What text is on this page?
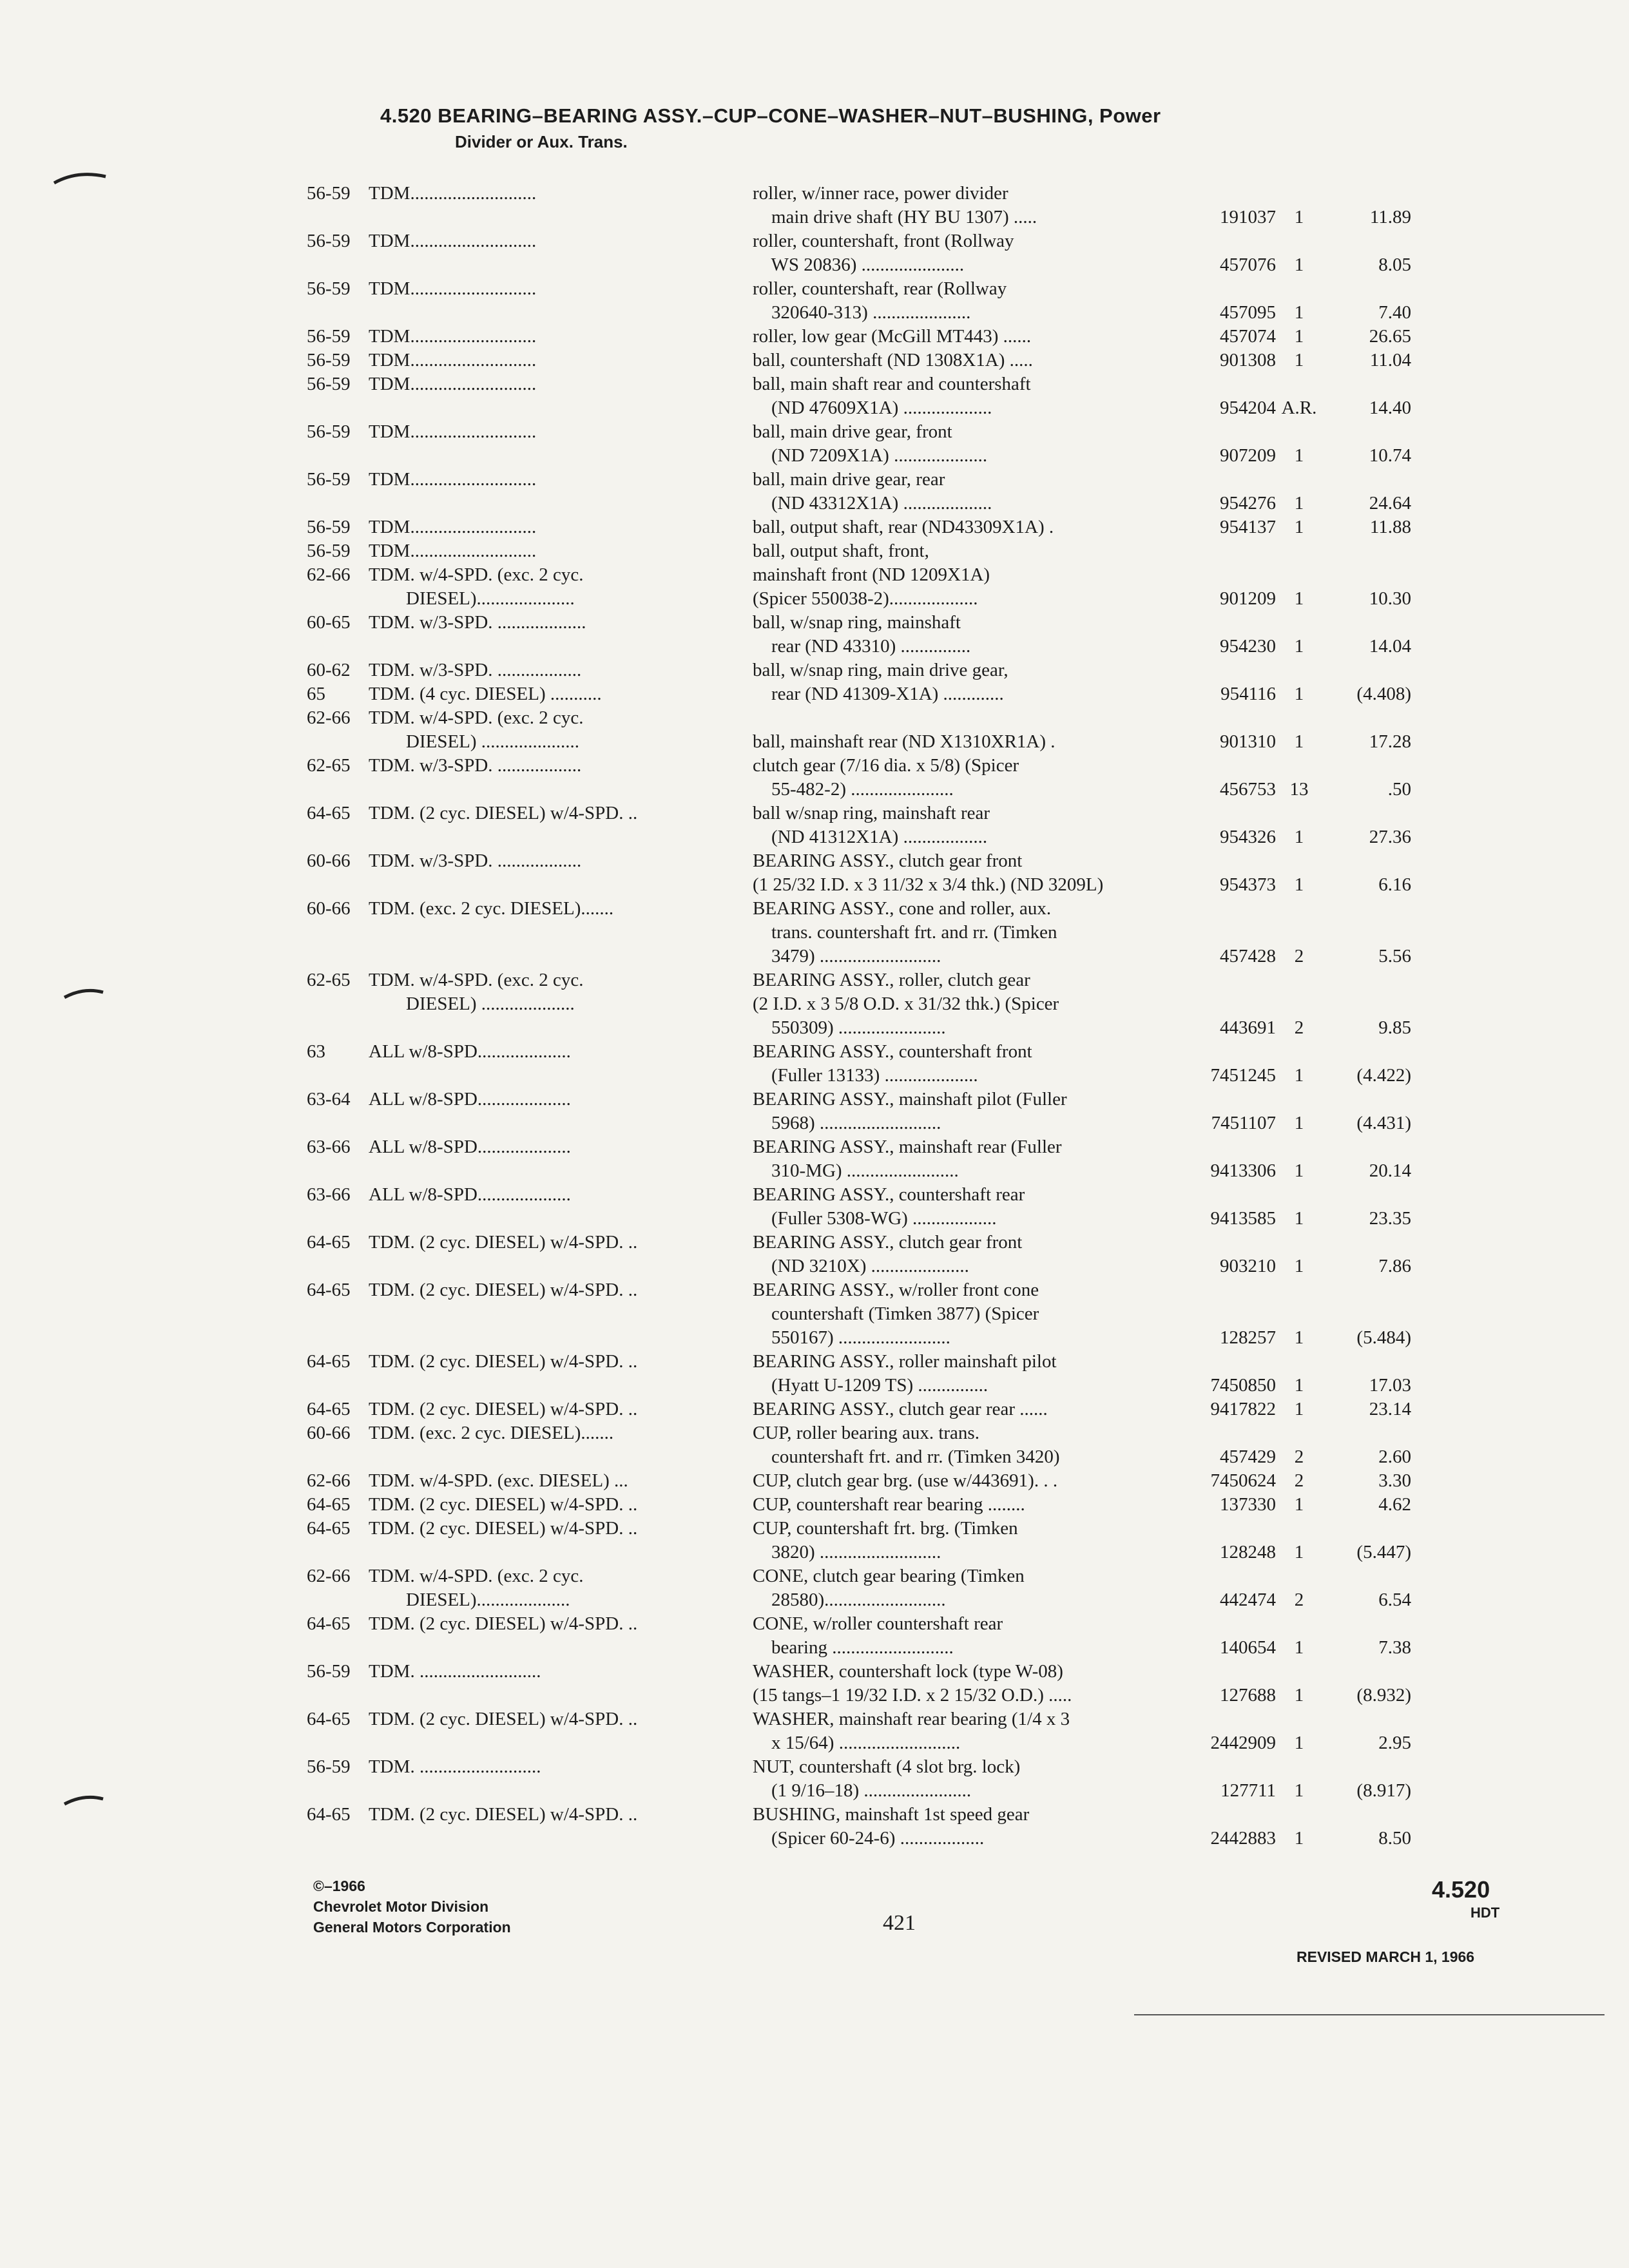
4.520 BEARING–BEARING ASSY.–CUP–CONE–WASHER–NUT–BUSHING, Power
Divider or Aux. Trans.
56-59 TDM...........................	roller, w/inner race, power divider
main drive shaft (HY BU 1307) .....	191037 1	11.89
56-59 TDM...........................	roller, countershaft, front (Rollway
WS 20836) ......................	457076 1	8.05
56-59 TDM...........................	roller, countershaft, rear (Rollway
320640-313) .....................	457095 1	7.40
56-59 TDM...........................	roller, low gear (McGill MT443) ......	457074 1	26.65
56-59 TDM...........................	ball, countershaft (ND 1308X1A) .....	901308 1	11.04
56-59 TDM...........................	ball, main shaft rear and countershaft
(ND 47609X1A) ...................	954204 A.R.	14.40
56-59 TDM...........................	ball, main drive gear, front
(ND 7209X1A) ....................	907209 1	10.74
56-59 TDM...........................	ball, main drive gear, rear
(ND 43312X1A) ...................	954276 1	24.64
56-59 TDM...........................	ball, output shaft, rear (ND43309X1A) .	954137 1	11.88
56-59 TDM...........................	ball, output shaft, front,
62-66 TDM. w/4-SPD. (exc. 2 cyc.	mainshaft front (ND 1209X1A)
DIESEL).....................	(Spicer 550038-2)...................	901209 1	10.30
60-65 TDM. w/3-SPD. ...................	ball, w/snap ring, mainshaft
rear (ND 43310) ...............	954230 1	14.04
60-62 TDM. w/3-SPD. ..................	ball, w/snap ring, main drive gear,
65 TDM. (4 cyc. DIESEL) ...........	rear (ND 41309-X1A) .............	954116 1	(4.408)
62-66 TDM. w/4-SPD. (exc. 2 cyc.
DIESEL) .....................	ball, mainshaft rear (ND X1310XR1A) .	901310 1	17.28
62-65 TDM. w/3-SPD. ..................	clutch gear (7/16 dia. x 5/8) (Spicer
55-482-2) ......................	456753 13	.50
64-65 TDM. (2 cyc. DIESEL) w/4-SPD. ..	ball w/snap ring, mainshaft rear
(ND 41312X1A) ..................	954326 1	27.36
60-66 TDM. w/3-SPD. ..................	BEARING ASSY., clutch gear front
(1 25/32 I.D. x 3 11/32 x 3/4 thk.) (ND 3209L)	954373 1	6.16
60-66 TDM. (exc. 2 cyc. DIESEL).......	BEARING ASSY., cone and roller, aux.
trans. countershaft frt. and rr. (Timken
3479) ..........................	457428 2	5.56
62-65 TDM. w/4-SPD. (exc. 2 cyc.	BEARING ASSY., roller, clutch gear
DIESEL) ....................	(2 I.D. x 3 5/8 O.D. x 31/32 thk.) (Spicer
550309) .......................	443691 2	9.85
63 ALL w/8-SPD....................	BEARING ASSY., countershaft front
(Fuller 13133) ....................	7451245 1	(4.422)
63-64 ALL w/8-SPD....................	BEARING ASSY., mainshaft pilot (Fuller
5968) ..........................	7451107 1	(4.431)
63-66 ALL w/8-SPD....................	BEARING ASSY., mainshaft rear (Fuller
310-MG) ........................	9413306 1	20.14
63-66 ALL w/8-SPD....................	BEARING ASSY., countershaft rear
(Fuller 5308-WG) ..................	9413585 1	23.35
64-65 TDM. (2 cyc. DIESEL) w/4-SPD. ..	BEARING ASSY., clutch gear front
(ND 3210X) .....................	903210 1	7.86
64-65 TDM. (2 cyc. DIESEL) w/4-SPD. ..	BEARING ASSY., w/roller front cone
countershaft (Timken 3877) (Spicer
550167) ........................	128257 1	(5.484)
64-65 TDM. (2 cyc. DIESEL) w/4-SPD. ..	BEARING ASSY., roller mainshaft pilot
(Hyatt U-1209 TS) ...............	7450850 1	17.03
64-65 TDM. (2 cyc. DIESEL) w/4-SPD. ..	BEARING ASSY., clutch gear rear ......	9417822 1	23.14
60-66 TDM. (exc. 2 cyc. DIESEL).......	CUP, roller bearing aux. trans.
countershaft frt. and rr. (Timken 3420)	457429 2	2.60
62-66 TDM. w/4-SPD. (exc. DIESEL) ...	CUP, clutch gear brg. (use w/443691). . .	7450624 2	3.30
64-65 TDM. (2 cyc. DIESEL) w/4-SPD. ..	CUP, countershaft rear bearing ........	137330 1	4.62
64-65 TDM. (2 cyc. DIESEL) w/4-SPD. ..	CUP, countershaft frt. brg. (Timken
3820) ..........................	128248 1	(5.447)
62-66 TDM. w/4-SPD. (exc. 2 cyc.	CONE, clutch gear bearing (Timken
DIESEL)....................	28580)..........................	442474 2	6.54
64-65 TDM. (2 cyc. DIESEL) w/4-SPD. ..	CONE, w/roller countershaft rear
bearing ..........................	140654 1	7.38
56-59 TDM. ..........................	WASHER, countershaft lock (type W-08)
(15 tangs–1 19/32 I.D. x 2 15/32 O.D.) .....	127688 1	(8.932)
64-65 TDM. (2 cyc. DIESEL) w/4-SPD. ..	WASHER, mainshaft rear bearing (1/4 x 3
x 15/64) ..........................	2442909 1	2.95
56-59 TDM. ..........................	NUT, countershaft (4 slot brg. lock)
(1 9/16–18) .......................	127711 1	(8.917)
64-65 TDM. (2 cyc. DIESEL) w/4-SPD. ..	BUSHING, mainshaft 1st speed gear
(Spicer 60-24-6) ..................	2442883 1	8.50
©–1966
Chevrolet Motor Division
General Motors Corporation	421
4.520
HDT
REVISED MARCH 1, 1966
